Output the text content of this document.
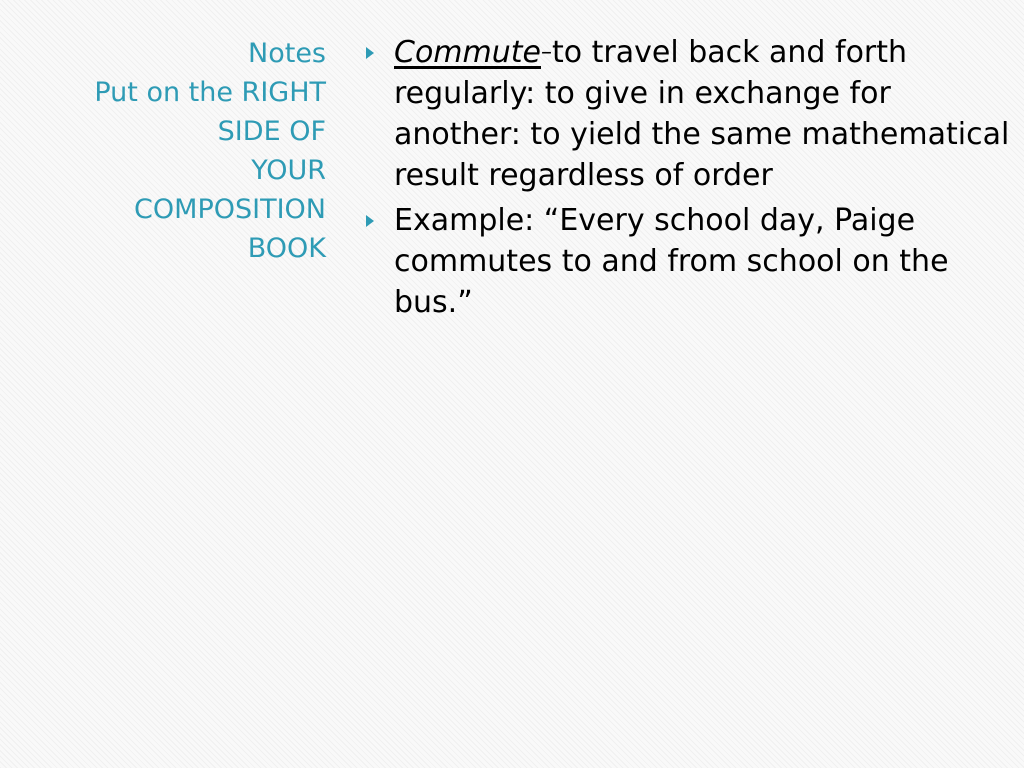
Notes
Put on the RIGHT
SIDE OF
YOUR
COMPOSITION
BOOK
Commute–to travel back and forth regularly: to give in exchange for another: to yield the same mathematical result regardless of order
Example: “Every school day, Paige commutes to and from school on the bus.”
